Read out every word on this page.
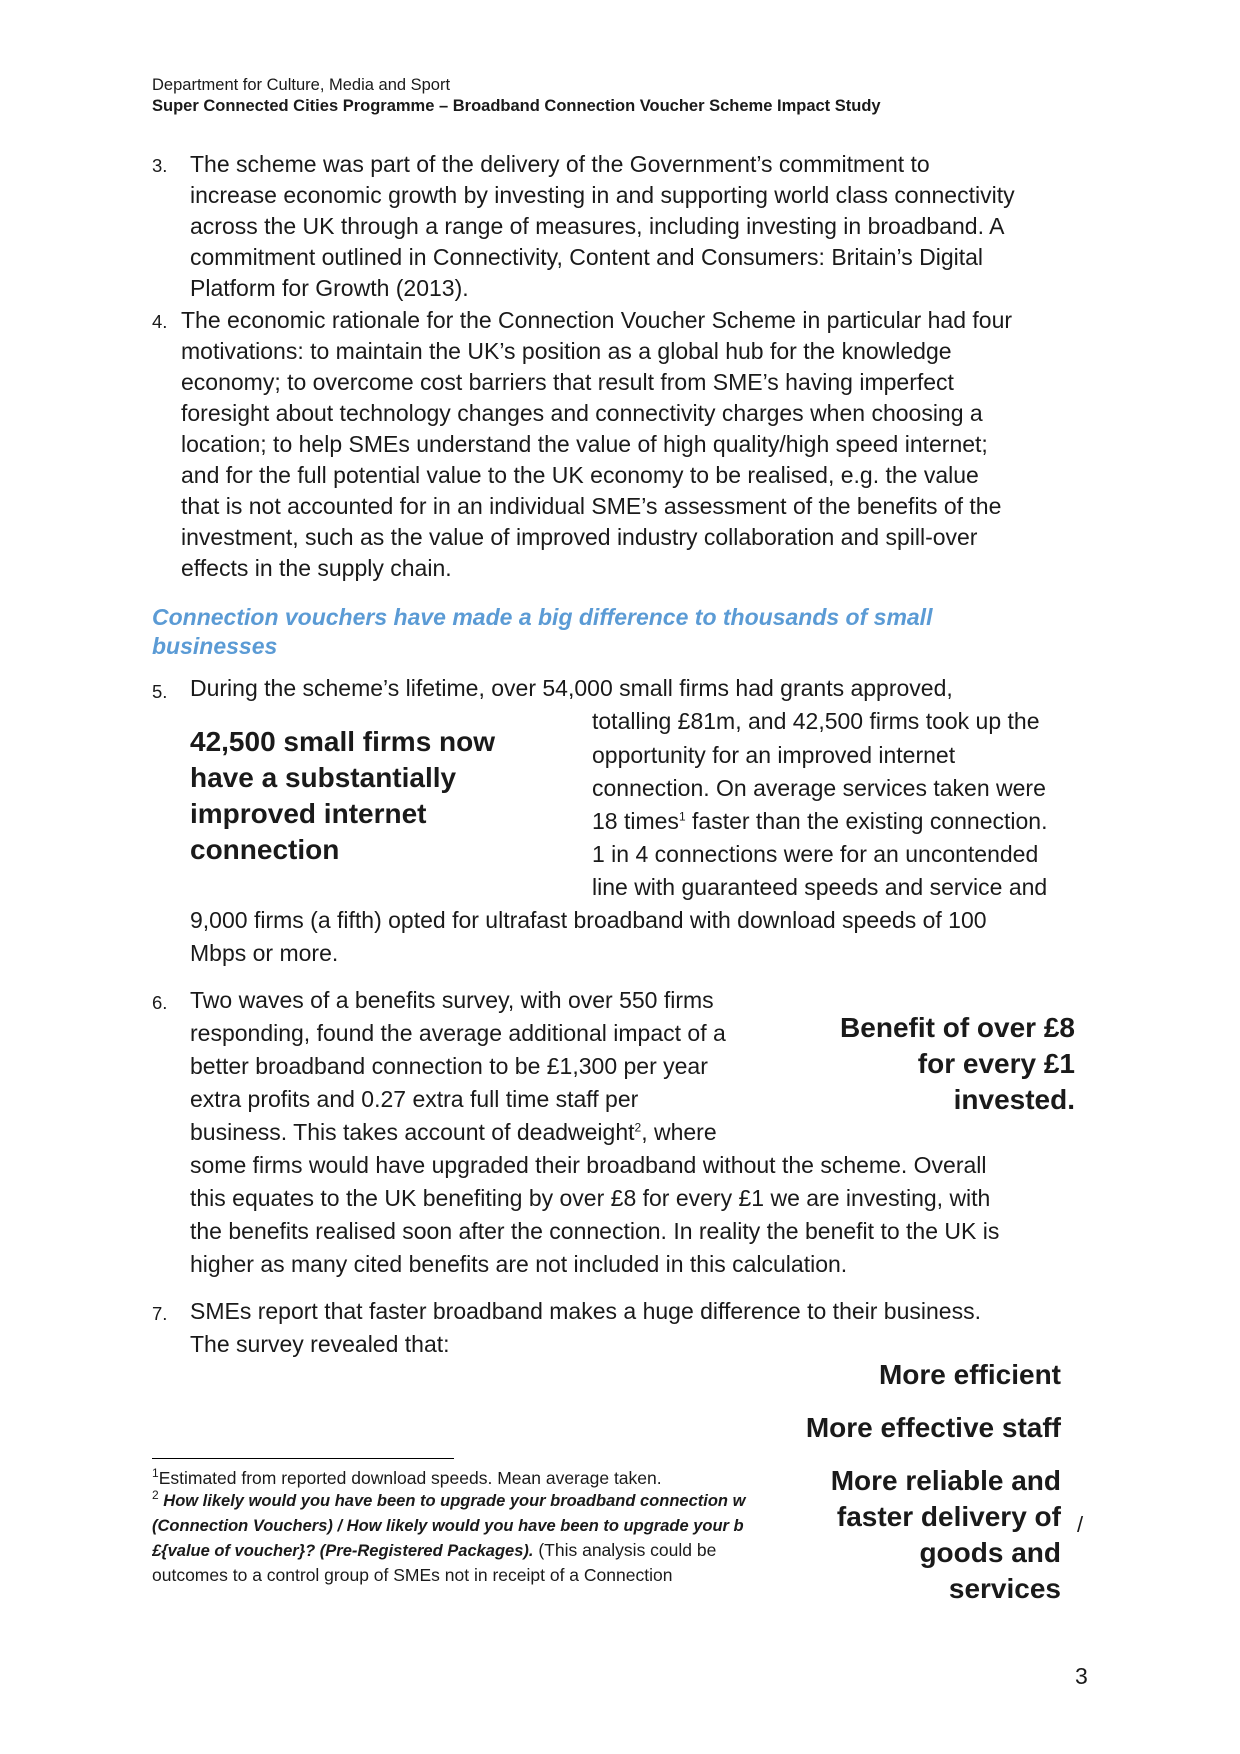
Department for Culture, Media and Sport
Super Connected Cities Programme – Broadband Connection Voucher Scheme Impact Study
3. The scheme was part of the delivery of the Government’s commitment to
increase economic growth by investing in and supporting world class connectivity
across the UK through a range of measures, including investing in broadband. A
commitment outlined in Connectivity, Content and Consumers: Britain’s Digital
Platform for Growth (2013).
4. The economic rationale for the Connection Voucher Scheme in particular had four
motivations: to maintain the UK’s position as a global hub for the knowledge
economy; to overcome cost barriers that result from SME’s having imperfect
foresight about technology changes and connectivity charges when choosing a
location; to help SMEs understand the value of high quality/high speed internet;
and for the full potential value to the UK economy to be realised, e.g. the value
that is not accounted for in an individual SME’s assessment of the benefits of the
investment, such as the value of improved industry collaboration and spill-over
effects in the supply chain.
Connection vouchers have made a big difference to thousands of small
businesses
5. During the scheme’s lifetime, over 54,000 small firms had grants approved,
totalling £81m, and 42,500 firms took up the
opportunity for an improved internet
connection. On average services taken were
18 times$^1$ faster than the existing connection.
1 in 4 connections were for an uncontended
line with guaranteed speeds and service and
9,000 firms (a fifth) opted for ultrafast broadband with download speeds of 100
Mbps or more.
42,500 small firms now
have a substantially
improved internet
connection
6. Two waves of a benefits survey, with over 550 firms
responding, found the average additional impact of a
better broadband connection to be £1,300 per year
extra profits and 0.27 extra full time staff per
business. This takes account of deadweight$^2$, where
some firms would have upgraded their broadband without the scheme. Overall
this equates to the UK benefiting by over £8 for every £1 we are investing, with
the benefits realised soon after the connection. In reality the benefit to the UK is
higher as many cited benefits are not included in this calculation.
Benefit of over £8
for every £1
invested.
7. SMEs report that faster broadband makes a huge difference to their business.
The survey revealed that:
More efficient
More effective staff
More reliable and
faster delivery of
goods and
services
$^1$Estimated from reported download speeds. Mean average taken.
$^2$ How likely would you have been to upgrade your broadband connection w
(Connection Vouchers) / How likely would you have been to upgrade your b
£{value of voucher}? (Pre-Registered Packages). (This analysis could be
outcomes to a control group of SMEs not in receipt of a Connection
/
3
